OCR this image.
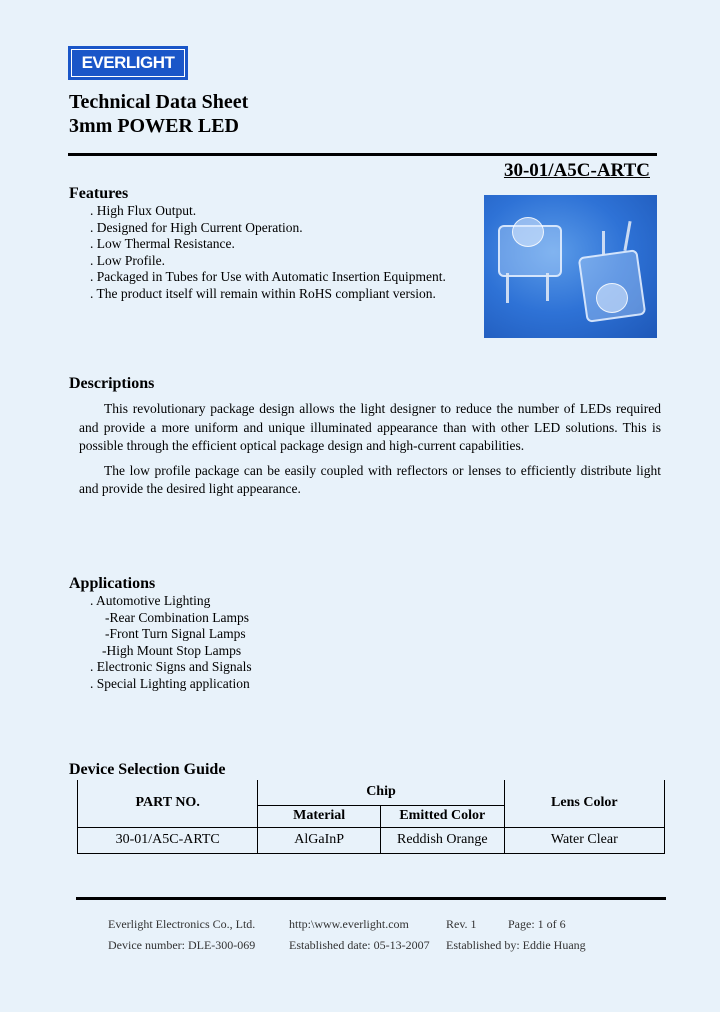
EVERLIGHT
Technical Data Sheet
3mm POWER LED
30-01/A5C-ARTC
Features
. High Flux Output.
. Designed for High Current Operation.
. Low Thermal Resistance.
. Low Profile.
. Packaged in Tubes for Use with Automatic Insertion Equipment.
. The product itself will remain within RoHS compliant version.
Descriptions

This revolutionary package design allows the light designer to reduce the number of LEDs required and provide a more uniform and unique illuminated appearance than with other LED solutions. This is possible through the efficient optical package design and high-current capabilities.

The low profile package can be easily coupled with reflectors or lenses to efficiently distribute light and provide the desired light appearance.

Applications
. Automotive Lighting
-Rear Combination Lamps
-Front Turn Signal Lamps
-High Mount Stop Lamps
. Electronic Signs and Signals
. Special Lighting application
Device Selection Guide
PART NO.	Chip		Lens Color
	Material	Emitted Color	
30-01/A5C-ARTC	AlGaInP	Reddish Orange	Water Clear
Everlight Electronics Co., Ltd.	http:\www.everlight.com	Rev. 1	Page: 1 of 6
Device number: DLE-300-069	Established date: 05-13-2007 Established by: Eddie Huang
